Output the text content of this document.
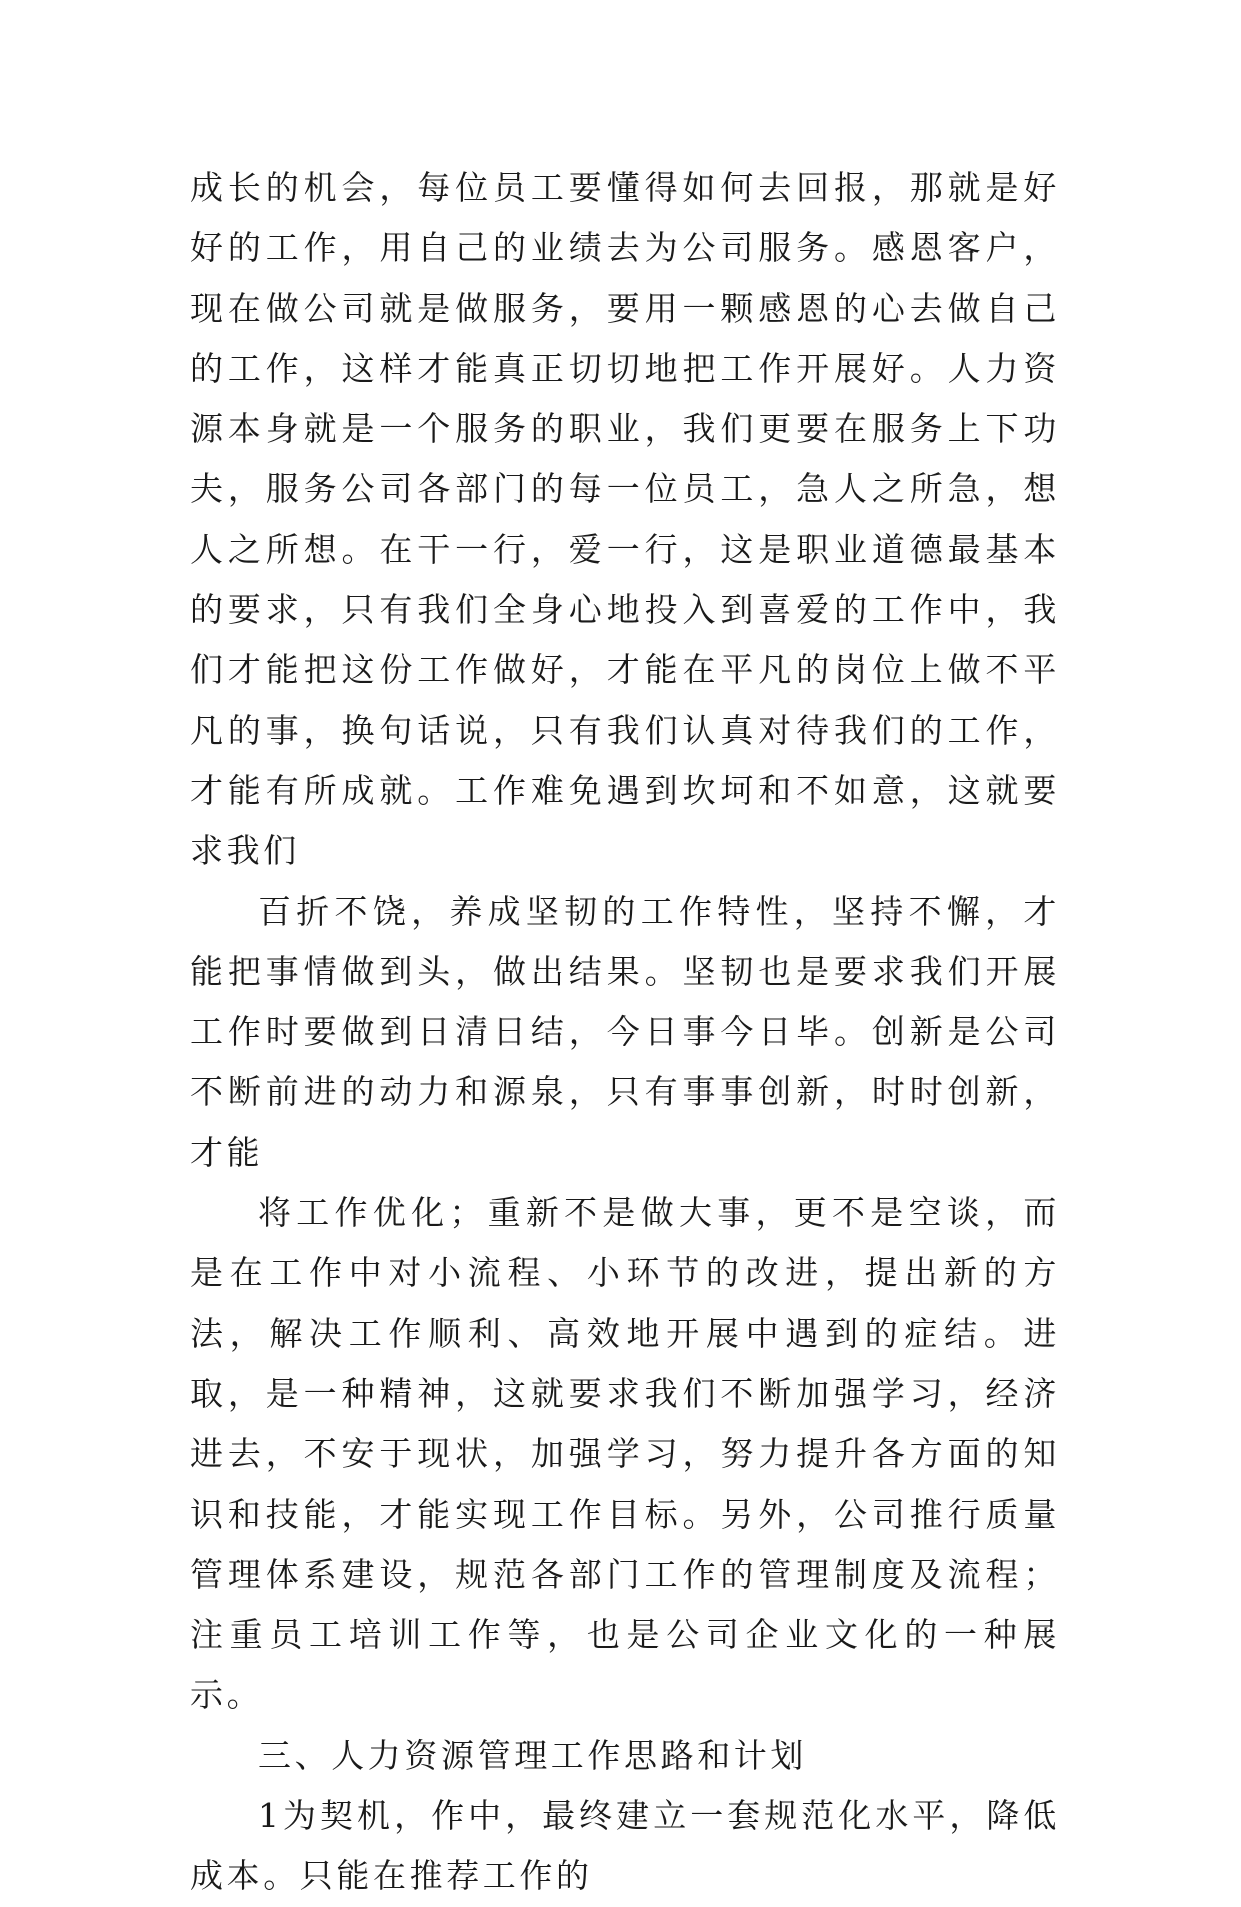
成长的机会，每位员工要懂得如何去回报，那就是好好的工作，用自己的业绩去为公司服务。感恩客户，现在做公司就是做服务，要用一颗感恩的心去做自己的工作，这样才能真正切切地把工作开展好。人力资源本身就是一个服务的职业，我们更要在服务上下功夫，服务公司各部门的每一位员工，急人之所急，想人之所想。在干一行，爱一行，这是职业道德最基本的要求，只有我们全身心地投入到喜爱的工作中，我们才能把这份工作做好，才能在平凡的岗位上做不平凡的事，换句话说，只有我们认真对待我们的工作，才能有所成就。工作难免遇到坎坷和不如意，这就要求我们

百折不饶，养成坚韧的工作特性，坚持不懈，才能把事情做到头，做出结果。坚韧也是要求我们开展工作时要做到日清日结，今日事今日毕。创新是公司不断前进的动力和源泉，只有事事创新，时时创新，才能

将工作优化；重新不是做大事，更不是空谈，而是在工作中对小流程、小环节的改进，提出新的方法，解决工作顺利、高效地开展中遇到的症结。进取，是一种精神，这就要求我们不断加强学习，经济进去，不安于现状，加强学习，努力提升各方面的知识和技能，才能实现工作目标。另外，公司推行质量管理体系建设，规范各部门工作的管理制度及流程；注重员工培训工作等，也是公司企业文化的一种展示。

三、人力资源管理工作思路和计划

1为契机，作中，最终建立一套规范化水平，降低成本。只能在推荐工作的
